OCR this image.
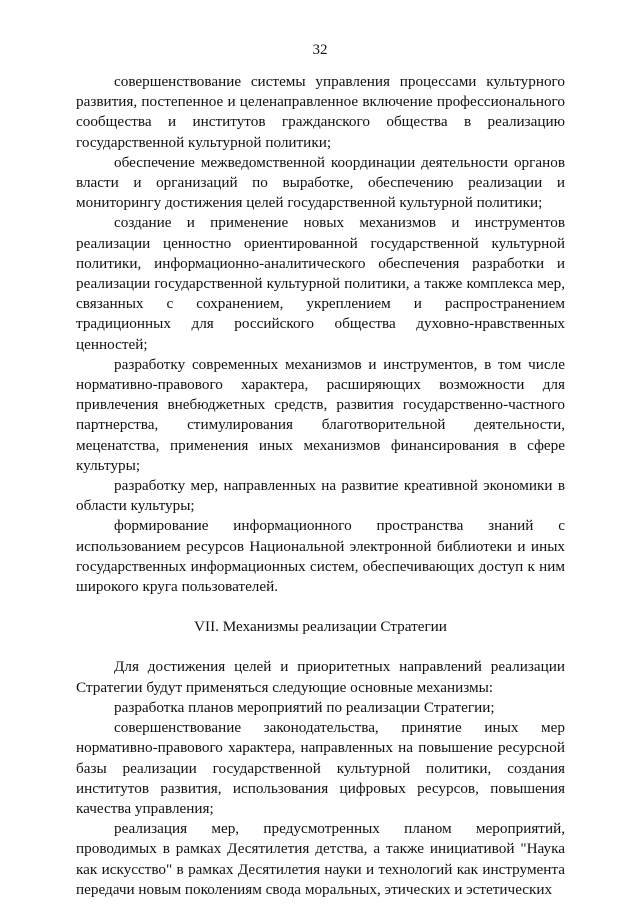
32

совершенствование системы управления процессами культурного развития, постепенное и целенаправленное включение профессионального сообщества и институтов гражданского общества в реализацию государственной культурной политики;

обеспечение межведомственной координации деятельности органов власти и организаций по выработке, обеспечению реализации и мониторингу достижения целей государственной культурной политики;

создание и применение новых механизмов и инструментов реализации ценностно ориентированной государственной культурной политики, информационно-аналитического обеспечения разработки и реализации государственной культурной политики, а также комплекса мер, связанных с сохранением, укреплением и распространением традиционных для российского общества духовно-нравственных ценностей;

разработку современных механизмов и инструментов, в том числе нормативно-правового характера, расширяющих возможности для привлечения внебюджетных средств, развития государственно-частного партнерства, стимулирования благотворительной деятельности, меценатства, применения иных механизмов финансирования в сфере культуры;

разработку мер, направленных на развитие креативной экономики в области культуры;

формирование информационного пространства знаний с использованием ресурсов Национальной электронной библиотеки и иных государственных информационных систем, обеспечивающих доступ к ним широкого круга пользователей.

VII. Механизмы реализации Стратегии

Для достижения целей и приоритетных направлений реализации Стратегии будут применяться следующие основные механизмы:

разработка планов мероприятий по реализации Стратегии;

совершенствование законодательства, принятие иных мер нормативно-правового характера, направленных на повышение ресурсной базы реализации государственной культурной политики, создания институтов развития, использования цифровых ресурсов, повышения качества управления;

реализация мер, предусмотренных планом мероприятий, проводимых в рамках Десятилетия детства, а также инициативой "Наука как искусство" в рамках Десятилетия науки и технологий как инструмента передачи новым поколениям свода моральных, этических и эстетических
